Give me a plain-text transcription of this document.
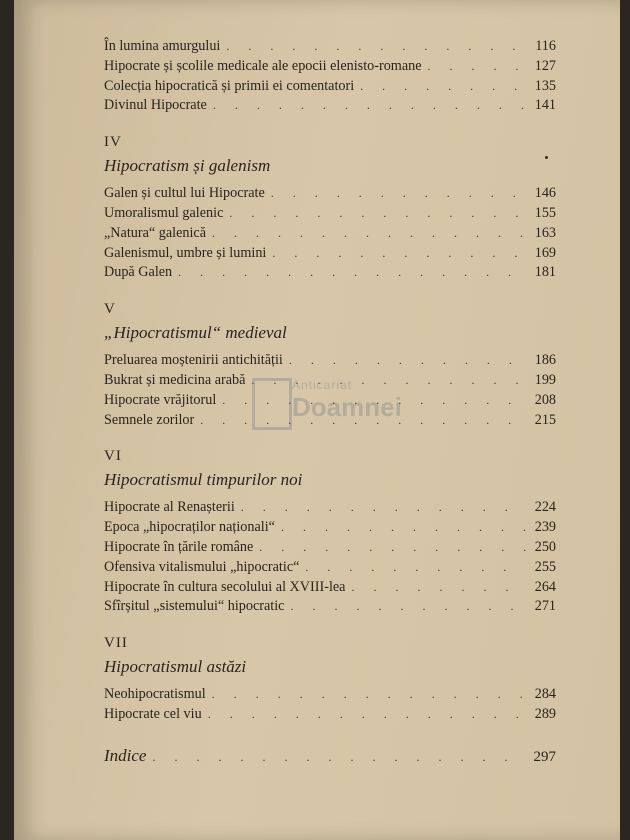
În lumina amurgului . . .	116
Hipocrate și școlile medicale ale epocii elenisto-romane . . .	127
Colecția hipocratică și primii ei comentatori . . .	135
Divinul Hipocrate . . .	141
IV
Hipocratism și galenism
Galen și cultul lui Hipocrate . . .	146
Umoralismul galenic . . .	155
„Natura“ galenică . . .	163
Galenismul, umbre și lumini . . .	169
După Galen . . .	181
V
„Hipocratismul“ medieval
Preluarea moștenirii antichității . . .	186
Bukrat și medicina arabă . . .	199
Hipocrate vrăjitorul . . .	208
Semnele zorilor . . .	215
VI
Hipocratismul timpurilor noi
Hipocrate al Renașterii . . .	224
Epoca „hipocraților naționali“ . . .	239
Hipocrate în țările române . . .	250
Ofensiva vitalismului „hipocratic“ . . .	255
Hipocrate în cultura secolului al XVIII-lea . . .	264
Sfîrșitul „sistemului“ hipocratic . . .	271
VII
Hipocratismul astăzi
Neohipocratismul . . .	284
Hipocrate cel viu . . .	289
Indice . . .	297
Anticariat
Doamnei
